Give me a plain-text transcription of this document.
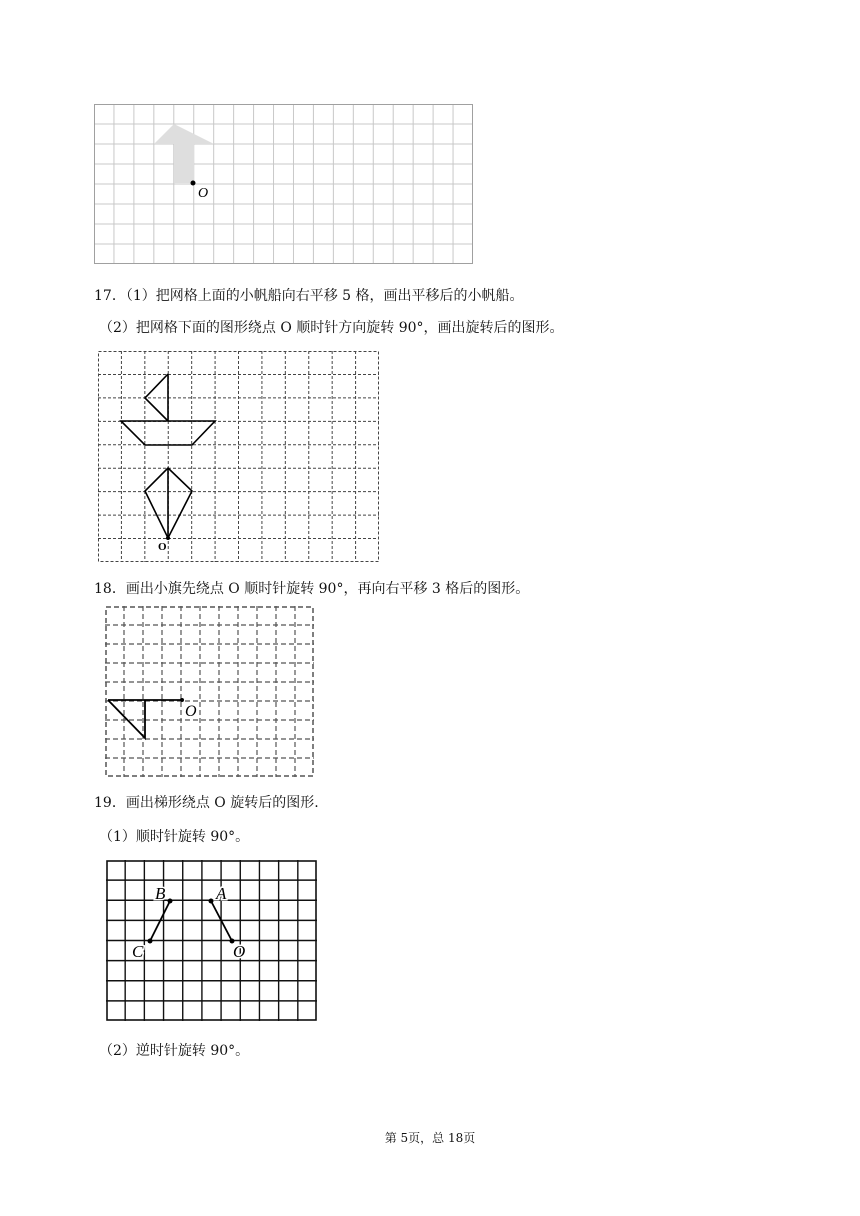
O
17．（1）把网格上面的小帆船向右平移 5 格，画出平移后的小帆船。
（2）把网格下面的图形绕点 O 顺时针方向旋转 90°，画出旋转后的图形。
O
18．画出小旗先绕点 O 顺时针旋转 90°，再向右平移 3 格后的图形。
O
19．画出梯形绕点 O 旋转后的图形.
（1）顺时针旋转 90°。
B	A
C	O
（2）逆时针旋转 90°。
第 5页，总 18页
